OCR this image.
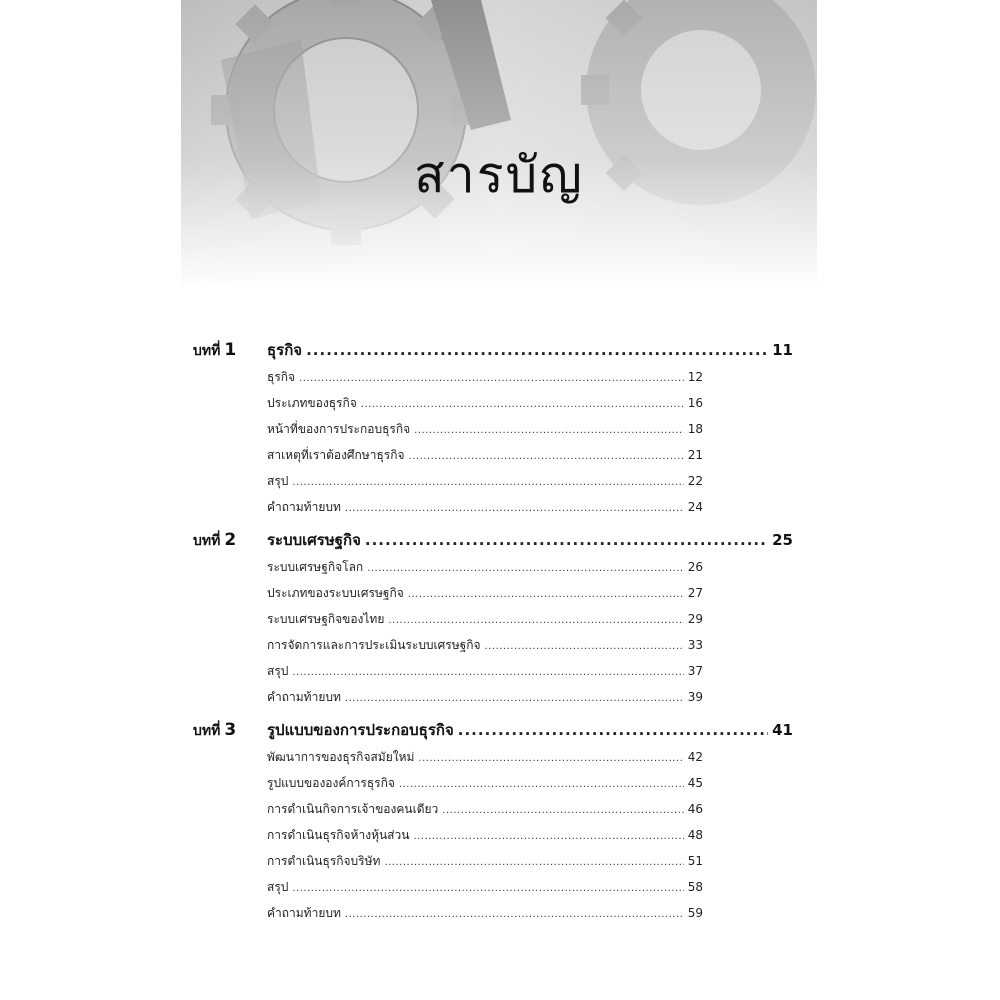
สารบัญ
บทที่ 1	ธุรกิจ .....	11
ธุรกิจ .....	12
ประเภทของธุรกิจ .....	16
หน้าที่ของการประกอบธุรกิจ .....	18
สาเหตุที่เราต้องศึกษาธุรกิจ .....	21
สรุป .....	22
คำถามท้ายบท .....	24
บทที่ 2	ระบบเศรษฐกิจ .....	25
ระบบเศรษฐกิจโลก .....	26
ประเภทของระบบเศรษฐกิจ .....	27
ระบบเศรษฐกิจของไทย .....	29
การจัดการและการประเมินระบบเศรษฐกิจ .....	33
สรุป .....	37
คำถามท้ายบท .....	39
บทที่ 3	รูปแบบของการประกอบธุรกิจ .....	41
พัฒนาการของธุรกิจสมัยใหม่ .....	42
รูปแบบขององค์การธุรกิจ .....	45
การดำเนินกิจการเจ้าของคนเดียว .....	46
การดำเนินธุรกิจห้างหุ้นส่วน .....	48
การดำเนินธุรกิจบริษัท .....	51
สรุป .....	58
คำถามท้ายบท .....	59
